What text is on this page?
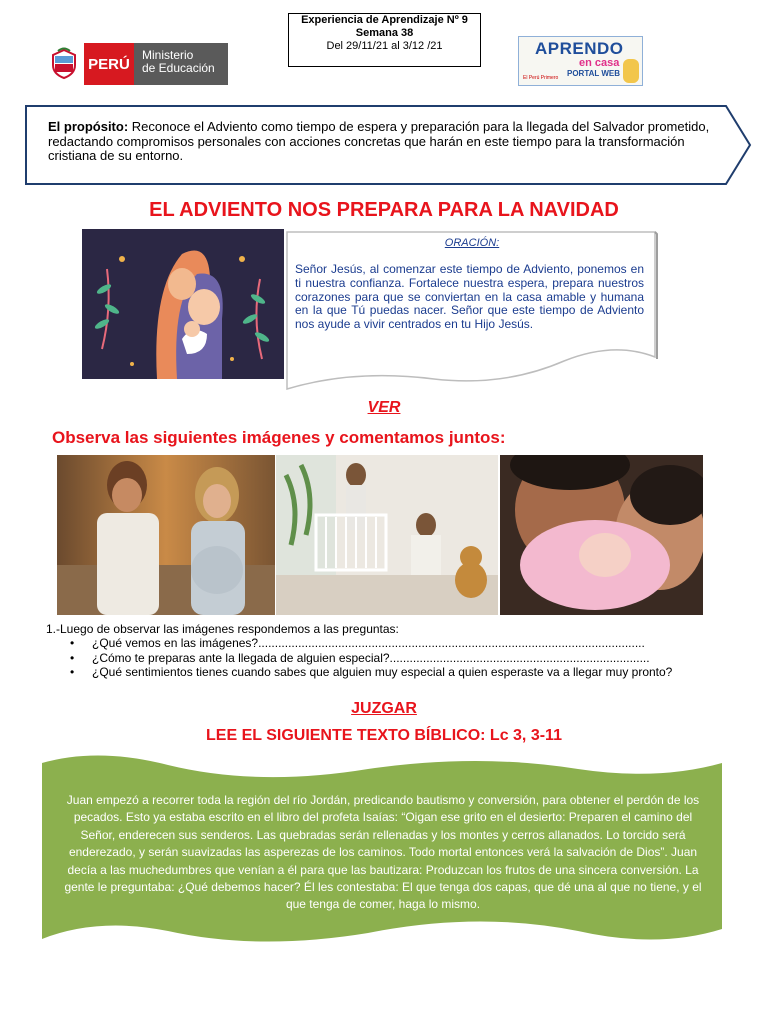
PERÚ
Ministerio
de Educación
Experiencia de Aprendizaje Nº 9
Semana 38
Del 29/11/21 al 3/12 /21	APRENDO
en casa
PORTAL WEB
El Perú Primero
El propósito: Reconoce el Adviento como tiempo de espera y preparación para la llegada del Salvador prometido, redactando compromisos personales con acciones concretas que harán en este tiempo para la transformación cristiana de su entorno.
EL ADVIENTO NOS PREPARA PARA LA NAVIDAD
ORACIÓN:
Señor Jesús, al comenzar este tiempo de Adviento, ponemos en ti nuestra confianza. Fortalece nuestra espera, prepara nuestros corazones para que se conviertan en la casa amable y humana en la que Tú puedas nacer. Señor que este tiempo de Adviento nos ayude a vivir centrados en tu Hijo Jesús.
VER
Observa las siguientes imágenes y comentamos juntos:
1.-Luego de observar las imágenes respondemos a las preguntas:
• ¿Qué vemos en las imágenes?....................................................................................................................
• ¿Cómo te preparas ante la llegada de alguien especial?..............................................................................
• ¿Qué sentimientos tienes cuando sabes que alguien muy especial a quien esperaste va a llegar muy pronto?
JUZGAR
LEE EL SIGUIENTE TEXTO BÍBLICO: Lc 3, 3-11
Juan empezó a recorrer toda la región del río Jordán, predicando bautismo y conversión, para obtener el perdón de los pecados. Esto ya estaba escrito en el libro del profeta Isaías: “Oigan ese grito en el desierto: Preparen el camino del Señor, enderecen sus senderos. Las quebradas serán rellenadas y los montes y cerros allanados. Lo torcido será enderezado, y serán suavizadas las asperezas de los caminos. Todo mortal entonces verá la salvación de Dios”. Juan decía a las muchedumbres que venían a él para que las bautizara: Produzcan los frutos de una sincera conversión. La gente le preguntaba: ¿Qué debemos hacer? Él les contestaba: El que tenga dos capas, que dé una al que no tiene, y el que tenga de comer, haga lo mismo.
